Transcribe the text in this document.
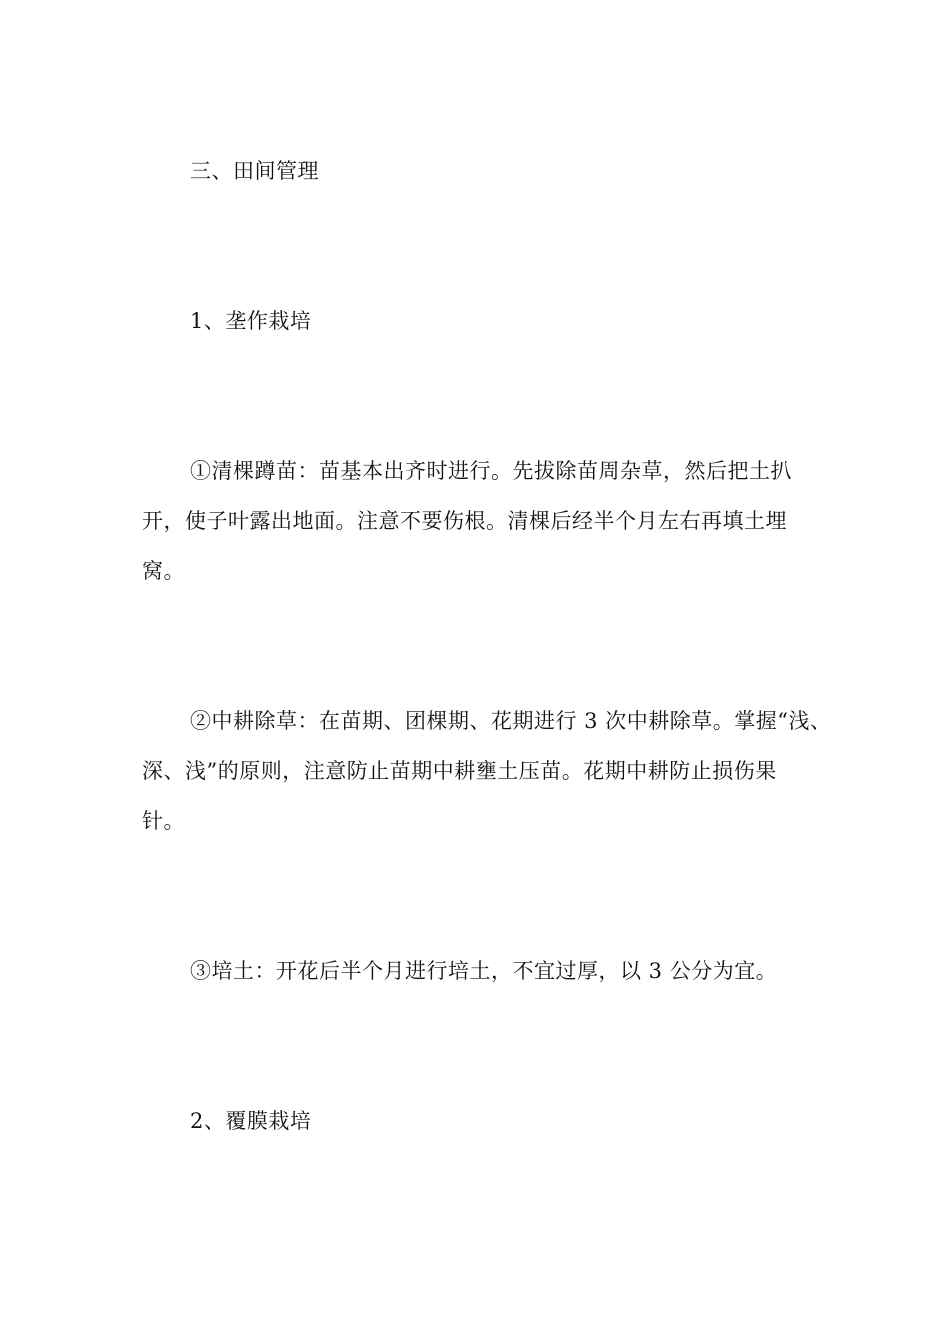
三、田间管理
1、垄作栽培
①清棵蹲苗：苗基本出齐时进行。先拔除苗周杂草，然后把土扒
开，使子叶露出地面。注意不要伤根。清棵后经半个月左右再填土埋
窝。
②中耕除草：在苗期、团棵期、花期进行 3 次中耕除草。掌握“浅、
深、浅”的原则，注意防止苗期中耕壅土压苗。花期中耕防止损伤果
针。
③培土：开花后半个月进行培土，不宜过厚，以 3 公分为宜。
2、覆膜栽培
